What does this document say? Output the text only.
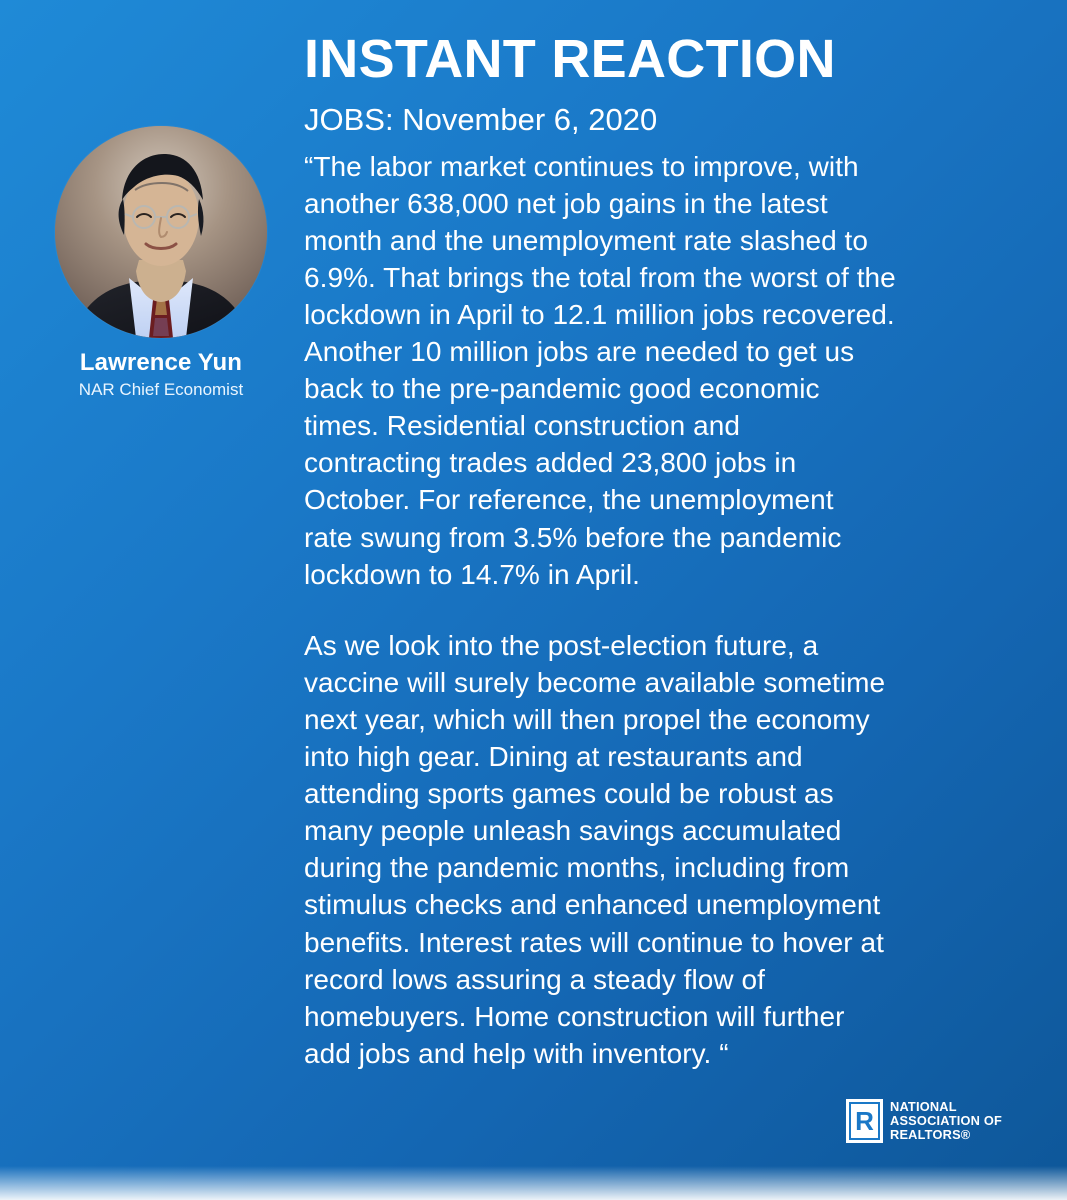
Lawrence Yun
NAR Chief Economist
INSTANT REACTION
JOBS: November 6, 2020

“The labor market continues to improve, with
another 638,000 net job gains in the latest
month and the unemployment rate slashed to
6.9%. That brings the total from the worst of the
lockdown in April to 12.1 million jobs recovered.
Another 10 million jobs are needed to get us
back to the pre-pandemic good economic
times. Residential construction and
contracting trades added 23,800 jobs in
October. For reference, the unemployment
rate swung from 3.5% before the pandemic
lockdown to 14.7% in April.

As we look into the post-election future, a
vaccine will surely become available sometime
next year, which will then propel the economy
into high gear. Dining at restaurants and
attending sports games could be robust as
many people unleash savings accumulated
during the pandemic months, including from
stimulus checks and enhanced unemployment
benefits. Interest rates will continue to hover at
record lows assuring a steady flow of
homebuyers. Home construction will further
add jobs and help with inventory. “

R NATIONAL
ASSOCIATION OF
REALTORS®
